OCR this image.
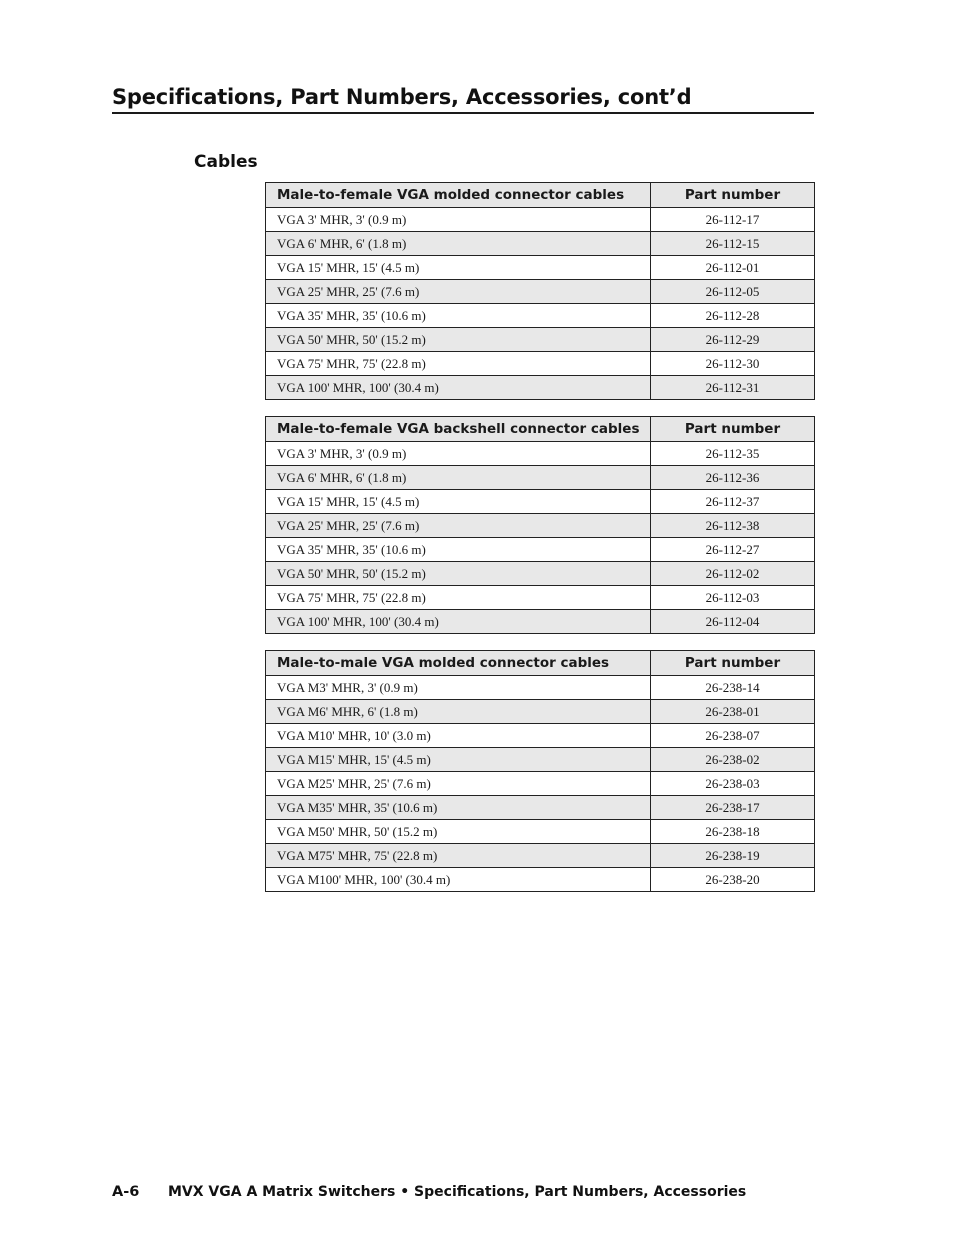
Specifications, Part Numbers, Accessories, cont’d
Cables
Male-to-female VGA molded connector cables	Part number
VGA 3' MHR, 3' (0.9 m)	26-112-17
VGA 6' MHR, 6' (1.8 m)	26-112-15
VGA 15' MHR, 15' (4.5 m)	26-112-01
VGA 25' MHR, 25' (7.6 m)	26-112-05
VGA 35' MHR, 35' (10.6 m)	26-112-28
VGA 50' MHR, 50' (15.2 m)	26-112-29
VGA 75' MHR, 75' (22.8 m)	26-112-30
VGA 100' MHR, 100' (30.4 m)	26-112-31
Male-to-female VGA backshell connector cables	Part number
VGA 3' MHR, 3' (0.9 m)	26-112-35
VGA 6' MHR, 6' (1.8 m)	26-112-36
VGA 15' MHR, 15' (4.5 m)	26-112-37
VGA 25' MHR, 25' (7.6 m)	26-112-38
VGA 35' MHR, 35' (10.6 m)	26-112-27
VGA 50' MHR, 50' (15.2 m)	26-112-02
VGA 75' MHR, 75' (22.8 m)	26-112-03
VGA 100' MHR, 100' (30.4 m)	26-112-04
Male-to-male VGA molded connector cables	Part number
VGA M3' MHR, 3' (0.9 m)	26-238-14
VGA M6' MHR, 6' (1.8 m)	26-238-01
VGA M10' MHR, 10' (3.0 m)	26-238-07
VGA M15' MHR, 15' (4.5 m)	26-238-02
VGA M25' MHR, 25' (7.6 m)	26-238-03
VGA M35' MHR, 35' (10.6 m)	26-238-17
VGA M50' MHR, 50' (15.2 m)	26-238-18
VGA M75' MHR, 75' (22.8 m)	26-238-19
VGA M100' MHR, 100' (30.4 m)	26-238-20
A-6 MVX VGA A Matrix Switchers • Specifications, Part Numbers, Accessories
